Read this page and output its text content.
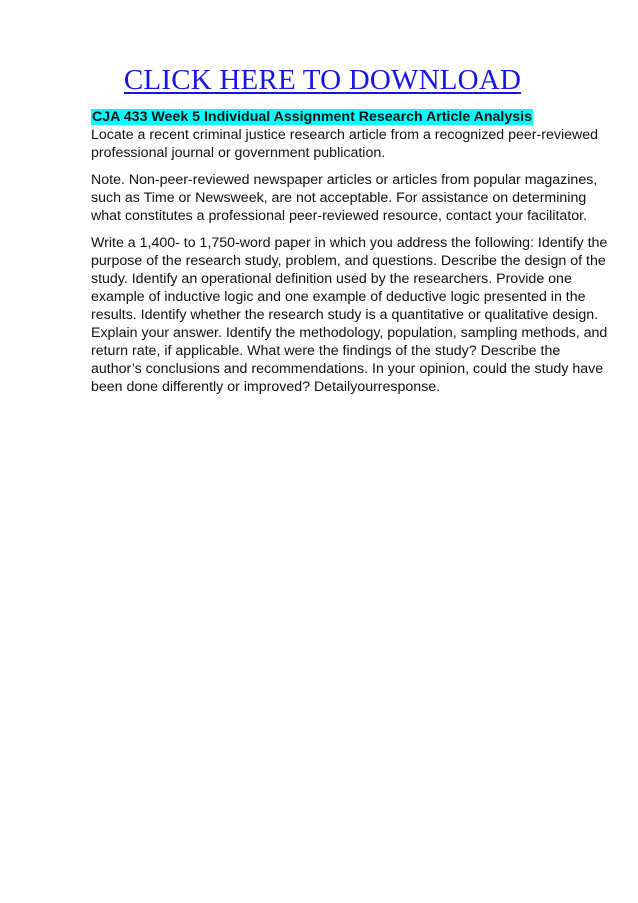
CLICK HERE TO DOWNLOAD
CJA 433 Week 5 Individual Assignment Research Article Analysis

Locate a recent criminal justice research article from a recognized peer-reviewed professional journal or government publication.

Note. Non-peer-reviewed newspaper articles or articles from popular magazines, such as Time or Newsweek, are not acceptable. For assistance on determining what constitutes a professional peer-reviewed resource, contact your facilitator.

Write a 1,400- to 1,750-word paper in which you address the following: Identify the purpose of the research study, problem, and questions. Describe the design of the study. Identify an operational definition used by the researchers. Provide one example of inductive logic and one example of deductive logic presented in the results. Identify whether the research study is a quantitative or qualitative design. Explain your answer. Identify the methodology, population, sampling methods, and return rate, if applicable. What were the findings of the study? Describe the author’s conclusions and recommendations. In your opinion, could the study have been done differently or improved? Detailyourresponse.
